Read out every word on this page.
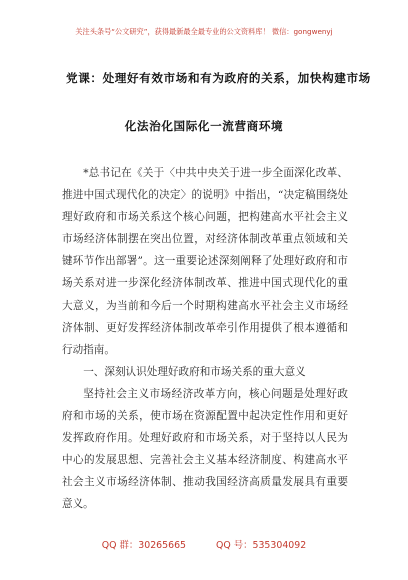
关注头条号“公文研究”，获得最新最全最专业的公文资料库！ 微信：gongwenyj
党课：处理好有效市场和有为政府的关系，加快构建市场
化法治化国际化一流营商环境

*总书记在《关于〈中共中央关于进一步全面深化改革、推进中国式现代化的决定〉的说明》中指出，“决定稿围绕处理好政府和市场关系这个核心问题，把构建高水平社会主义市场经济体制摆在突出位置，对经济体制改革重点领域和关键环节作出部署”。这一重要论述深刻阐释了处理好政府和市场关系对进一步深化经济体制改革、推进中国式现代化的重大意义，为当前和今后一个时期构建高水平社会主义市场经济体制、更好发挥经济体制改革牵引作用提供了根本遵循和行动指南。

一、深刻认识处理好政府和市场关系的重大意义

坚持社会主义市场经济改革方向，核心问题是处理好政府和市场的关系，使市场在资源配置中起决定性作用和更好发挥政府作用。处理好政府和市场关系，对于坚持以人民为中心的发展思想、完善社会主义基本经济制度、构建高水平社会主义市场经济体制、推动我国经济高质量发展具有重要意义。

QQ 群：30265665	QQ 号：535304092
